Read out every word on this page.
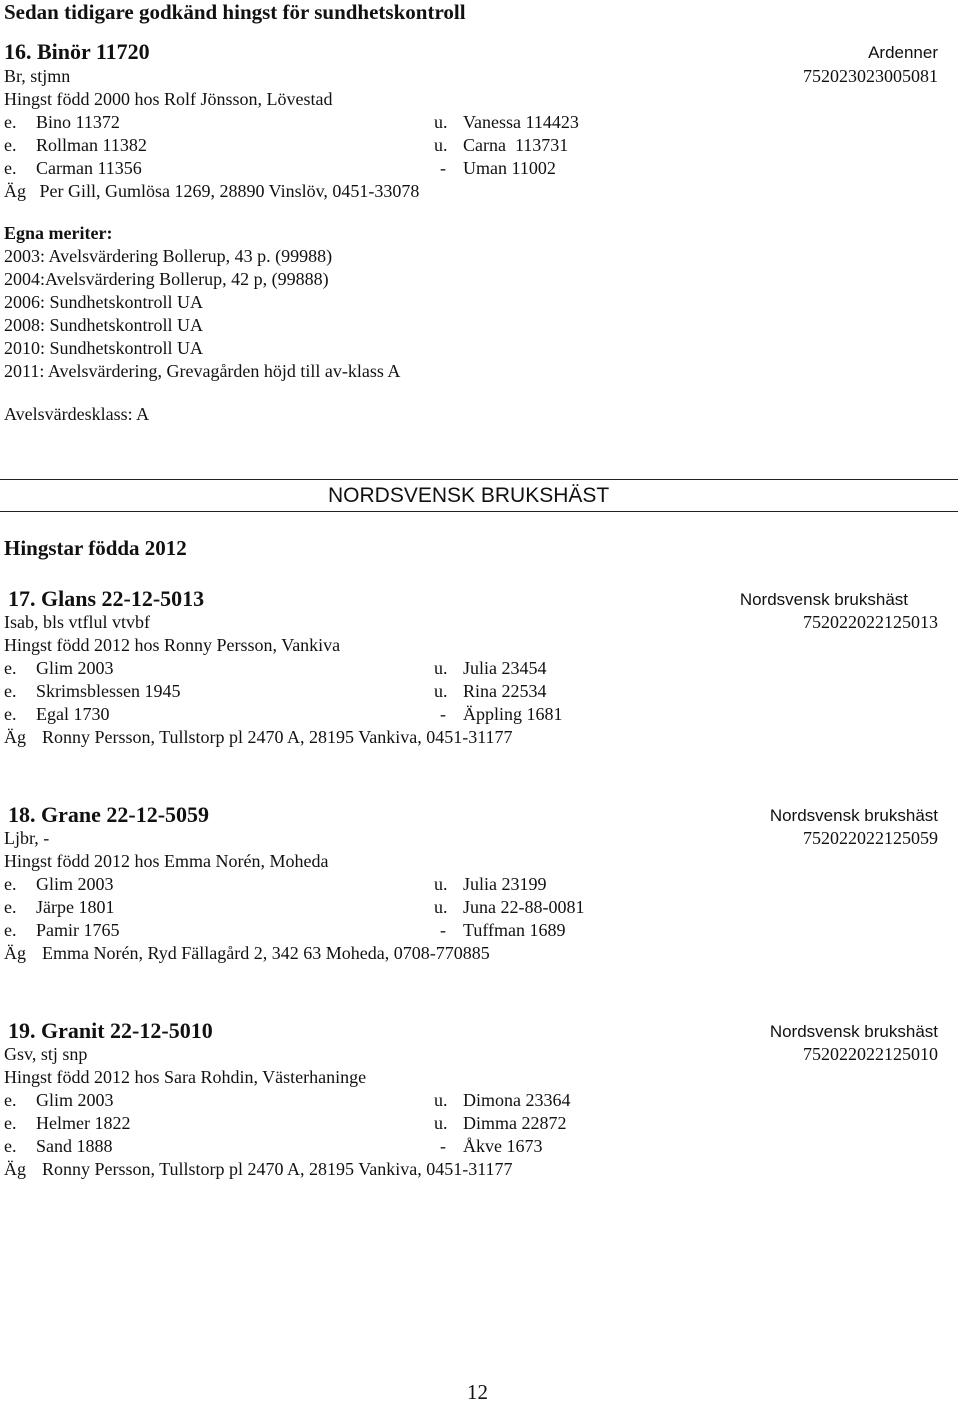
Sedan tidigare godkänd hingst för sundhetskontroll
16. Binör 11720	Ardenner
Br, stjmn	752023023005081
Hingst född 2000 hos Rolf Jönsson, Lövestad
e. Bino 11372	u. Vanessa 114423
e. Rollman 11382	u. Carna  113731
e. Carman 11356	- Uman 11002
Äg   Per Gill, Gumlösa 1269, 28890 Vinslöv, 0451-33078
Egna meriter:
2003: Avelsvärdering Bollerup, 43 p. (99988)
2004:Avelsvärdering Bollerup, 42 p, (99888)
2006: Sundhetskontroll UA
2008: Sundhetskontroll UA
2010: Sundhetskontroll UA
2011: Avelsvärdering, Grevagården höjd till av-klass A
Avelsvärdesklass: A
NORDSVENSK BRUKSHÄST
Hingstar födda 2012
17. Glans 22-12-5013	Nordsvensk brukshäst
Isab, bls vtflul vtvbf	752022022125013
Hingst född 2012 hos Ronny Persson, Vankiva
e. Glim 2003	u. Julia 23454
e. Skrimsblessen 1945	u. Rina 22534
e. Egal 1730	- Äppling 1681
Äg Ronny Persson, Tullstorp pl 2470 A, 28195 Vankiva, 0451-31177
18. Grane 22-12-5059	Nordsvensk brukshäst
Ljbr, -	752022022125059
Hingst född 2012 hos Emma Norén, Moheda
e. Glim 2003	u. Julia 23199
e. Järpe 1801	u. Juna 22-88-0081
e. Pamir 1765	- Tuffman 1689
Äg Emma Norén, Ryd Fällagård 2, 342 63 Moheda, 0708-770885
19. Granit 22-12-5010	Nordsvensk brukshäst
Gsv, stj snp	752022022125010
Hingst född 2012 hos Sara Rohdin, Västerhaninge
e. Glim 2003	u. Dimona 23364
e. Helmer 1822	u. Dimma 22872
e. Sand 1888	- Åkve 1673
Äg Ronny Persson, Tullstorp pl 2470 A, 28195 Vankiva, 0451-31177
12
